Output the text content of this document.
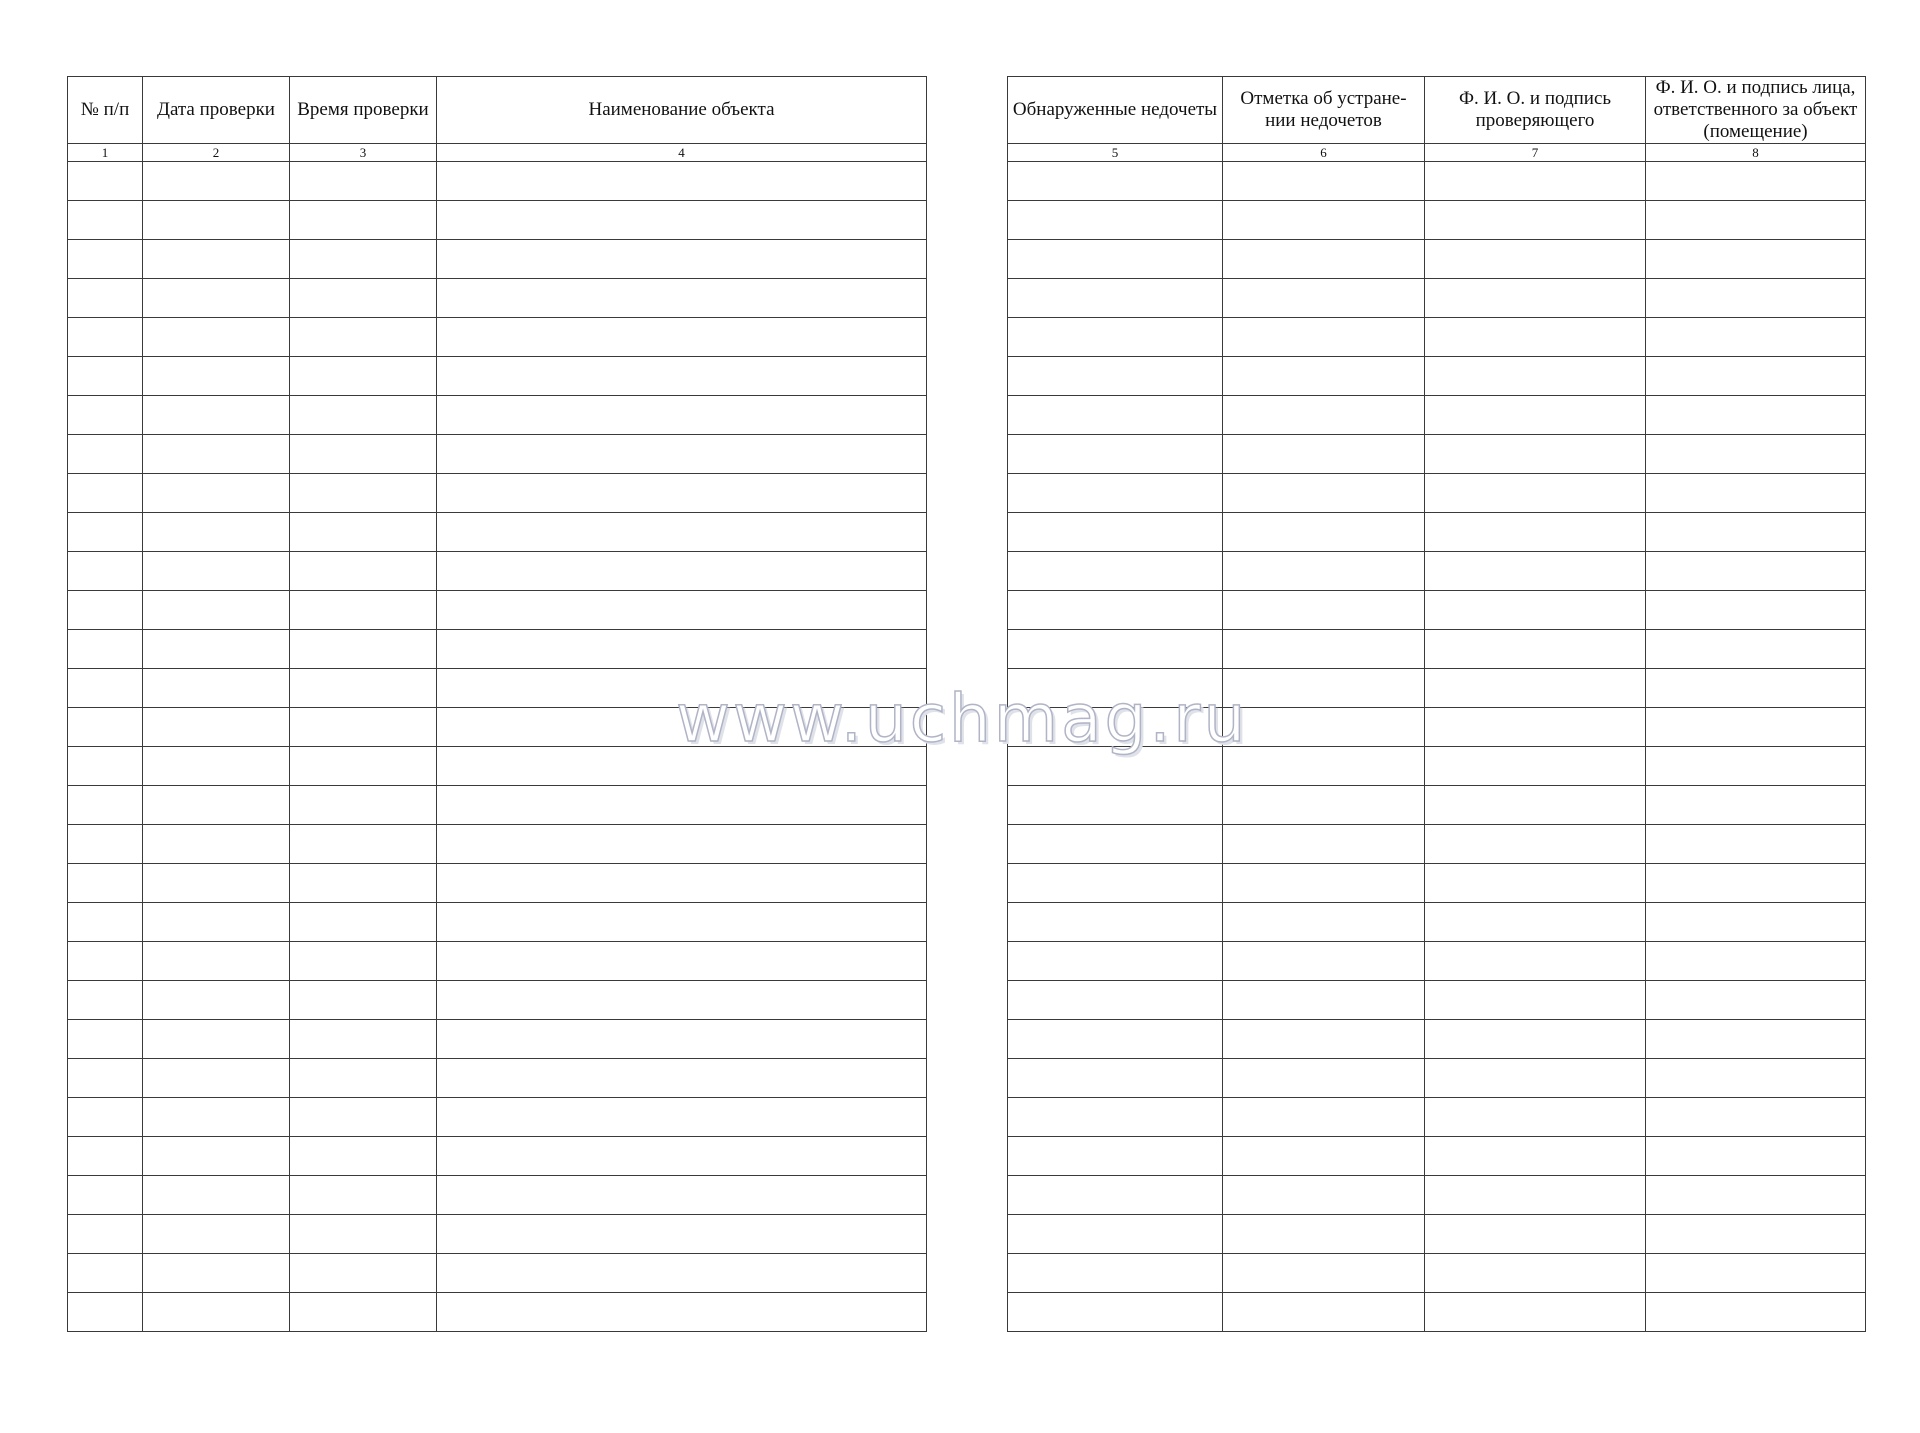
№ п/п	Дата проверки	Время проверки	Наименование объекта
1	2	3	4

Обнаруженные недочеты	Отметка об устране-нии недочетов	Ф. И. О. и подпись проверяющего	Ф. И. О. и подпись лица, ответственного за объект (помещение)
5	6	7	8

www.uchmag.ru
